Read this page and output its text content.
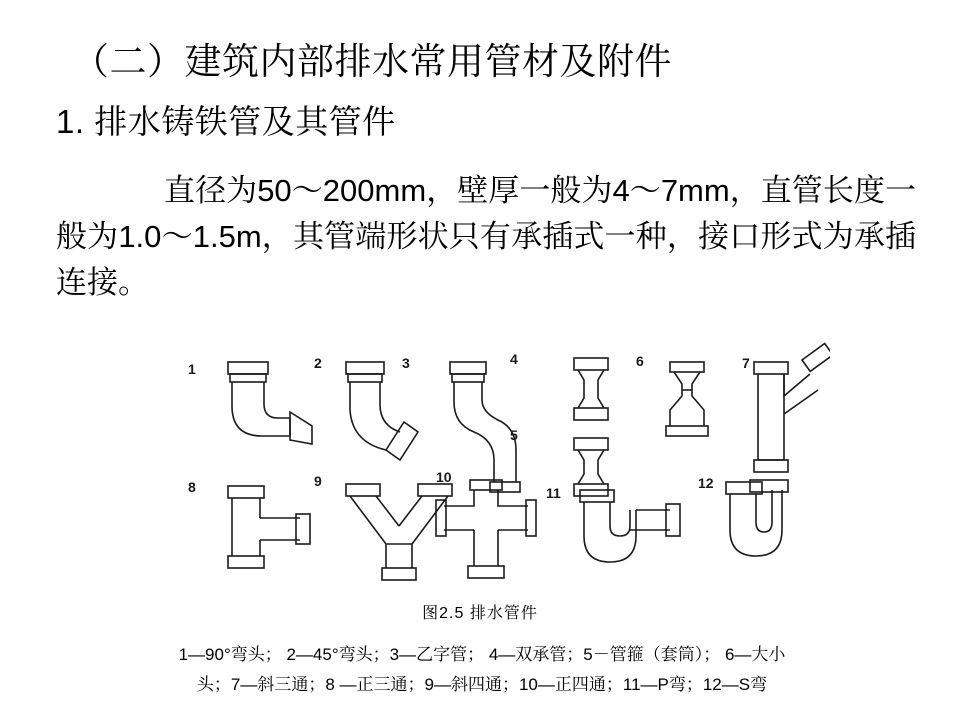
（二）建筑内部排水常用管材及附件
1. 排水铸铁管及其管件
直径为50～200mm，壁厚一般为4～7mm，直管长度一般为1.0～1.5m，其管端形状只有承插式一种，接口形式为承插连接。
1	2	3	4
5
6	7
8	9	10
11
12
图2.5 排水管件
1—90°弯头； 2—45°弯头；3—乙字管； 4—双承管；5－管箍（套筒）； 6—大小
头；7—斜三通；8 —正三通；9—斜四通；10—正四通；11—P弯；12—S弯
